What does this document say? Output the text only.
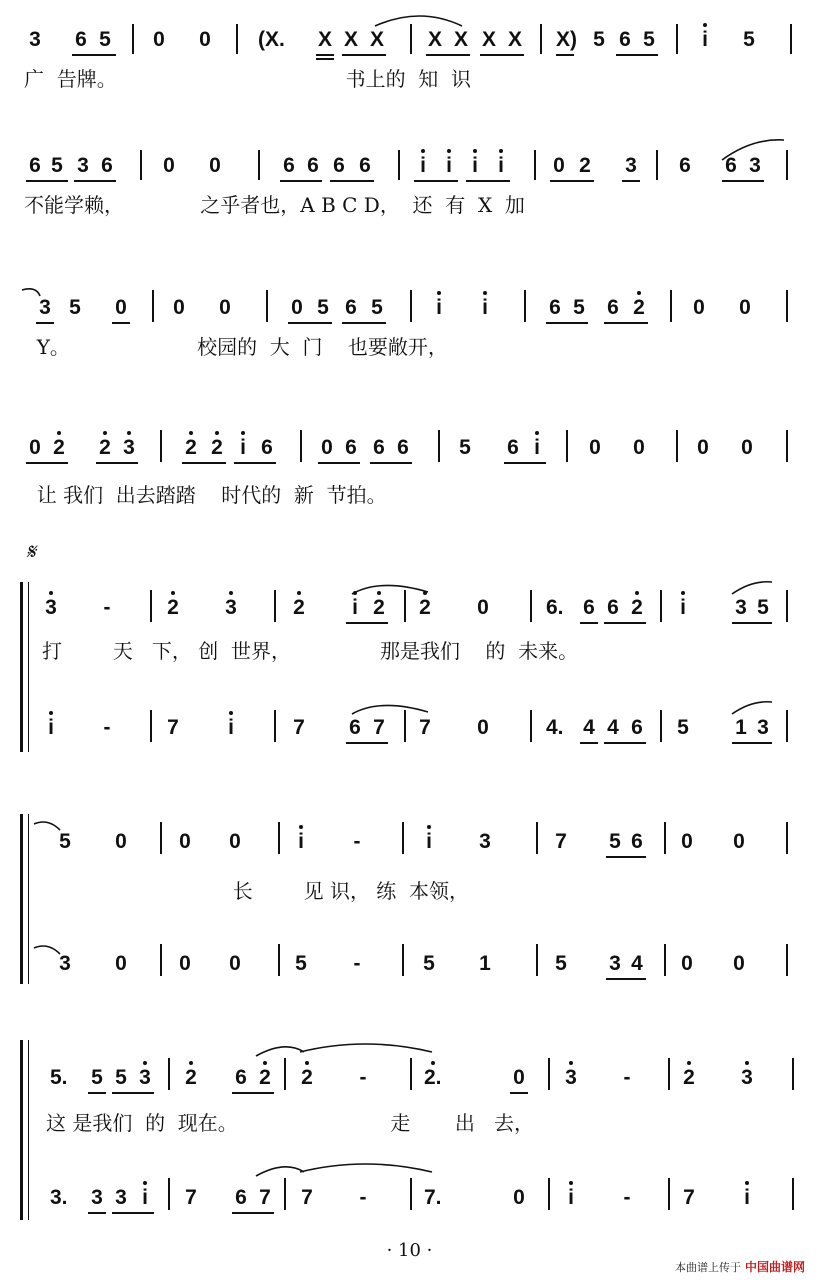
3 6 5 0 0 (X.	X X X X X X X X) 5 6 5 i 5
广  告牌。                                    书上的  知  识
6 5 3 6 0 0	6 6 6 6 i i i i 0 2 3 6 6 3
不能学赖，            之乎者也，A B C D，  还  有  X  加
3 5 0 0 0	0 5 6 5	i i	6 5 6 2 0 0
Y。                    校园的  大  门    也要敞开，
0 2 2 3 2 2 i 6 0 6 6 6 5 6 i 0 0 0 0
让 我们  出去踏踏    时代的  新  节拍。
𝄋
3 -	2 3	2 i 2 2 0	6. 6 6 2 i 3 5
打        天   下， 创  世界，              那是我们    的  未来。
i -	7 i	7 6 7 7 0	4. 4 4 6 5 1 3
5 0 0 0	i -	i 3	7 5 6 0 0
长        见 识， 练  本领，
3 0 0 0	5 -	5 1	5 3 4 0 0
5.	5 5 3 2 6 2 2 -	2.	0 3 -	2 3
这 是我们  的  现在。                        走       出   去，
3.	3 3 i 7 6 7 7 -	7.	0 i -	7 i
· 10 ·
本曲谱上传于 中国曲谱网
